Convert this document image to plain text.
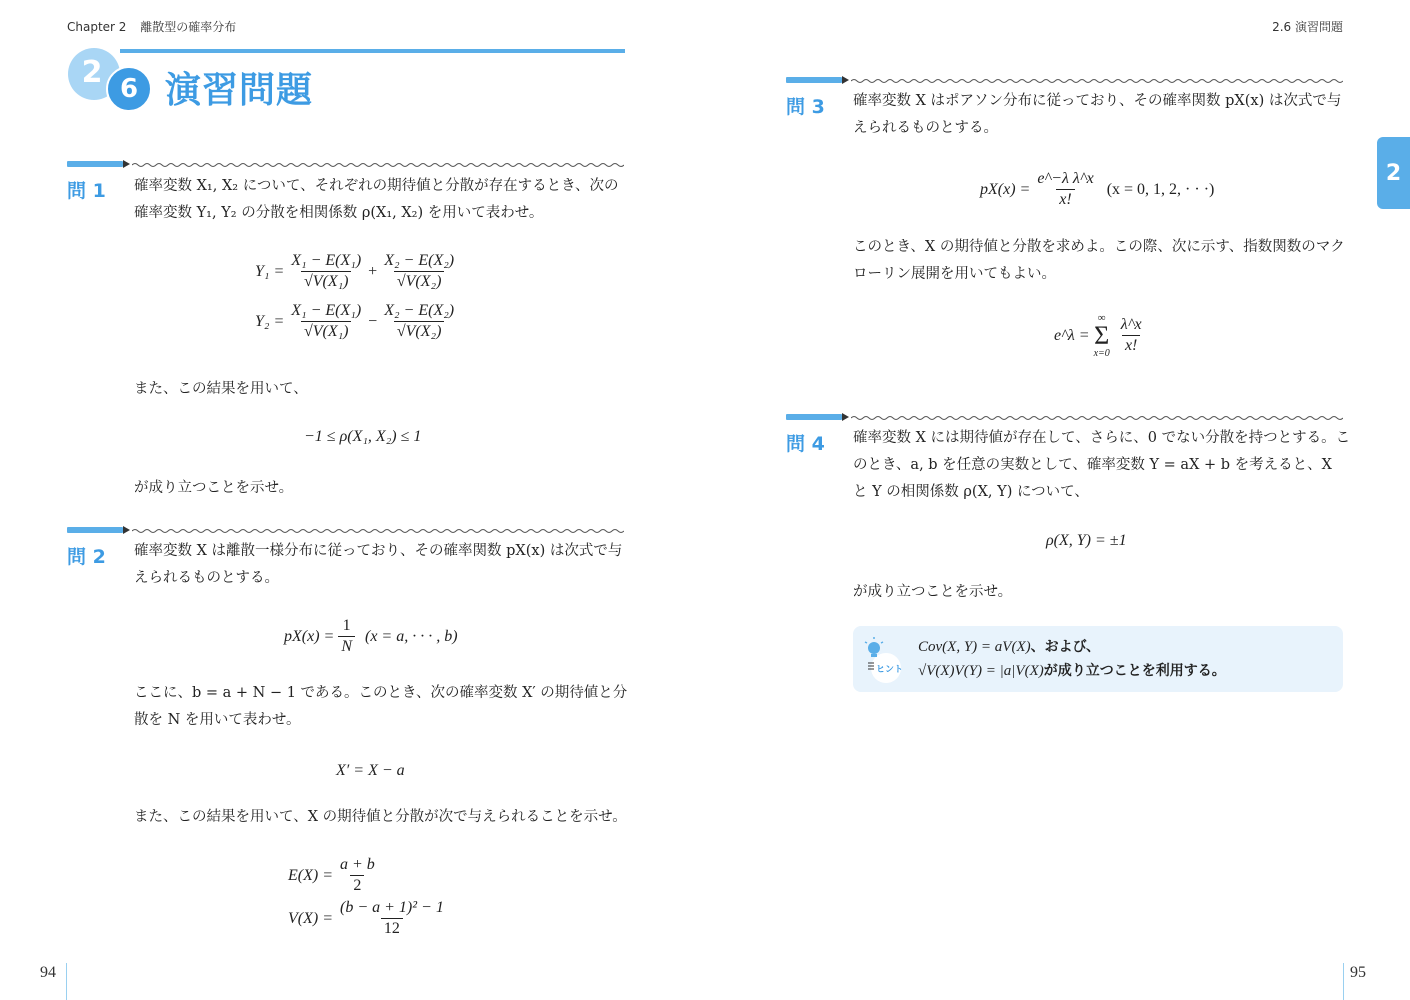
Chapter 2 離散型の確率分布	2.6 演習問題
2 6 演習問題
2
94	95
問 1 確率変数 X₁, X₂ について、それぞれの期待値と分散が存在するとき、次の
確率変数 Y₁, Y₂ の分散を相関係数 ρ(X₁, X₂) を用いて表わせ。
$Y_1 = \frac{\text{X₁ − E(X₁)}}{\text{√V(X₁)}} + \frac{\text{X₂ − E(X₂)}}{\text{√V(X₂)}}$
$Y_2 = \frac{\text{X₁ − E(X₁)}}{\text{√V(X₁)}} - \frac{\text{X₂ − E(X₂)}}{\text{√V(X₂)}}$
また、この結果を用いて、
−1 ≤ ρ(X₁, X₂) ≤ 1
が成り立つことを示せ。
問 2 確率変数 X は離散一様分布に従っており、その確率関数 pX(x) は次式で与
えられるものとする。
$pX(x) = \frac{1}{N} (x = a$, · · · , b)
ここに、b = a + N − 1 である。このとき、次の確率変数 X′ の期待値と分
散を N を用いて表わせ。
X′ = X − a
また、この結果を用いて、X の期待値と分散が次で与えられることを示せ。
$E(X) = \frac{a + b}{2}$
$V(X) = \frac{\text{(b − a + 1)² − 1}}{12}$
問 3 確率変数 X はポアソン分布に従っており、その確率関数 pX(x) は次式で与
えられるものとする。
$pX(x) = \frac{\text{e\textasciicircum{}−λ λ\textasciicircum{}x}}{x!} (x = 0$, 1, 2, · · ·)
このとき、X の期待値と分散を求めよ。この際、次に示す、指数関数のマク
ローリン展開を用いてもよい。
e^λ =
∞
Σ
$x=0 \frac{\lambda\^{}x}{x!}$
問 4 確率変数 X には期待値が存在して、さらに、0 でない分散を持つとする。こ
のとき、a, b を任意の実数として、確率変数 Y = aX + b を考えると、X
と Y の相関係数 ρ(X, Y) について、
ρ(X, Y) = ±1
が成り立つことを示せ。
ヒント
Cov(X, Y) = aV(X)、および、
√V(X)V(Y) = |a|V(X)が成り立つことを利用する。
